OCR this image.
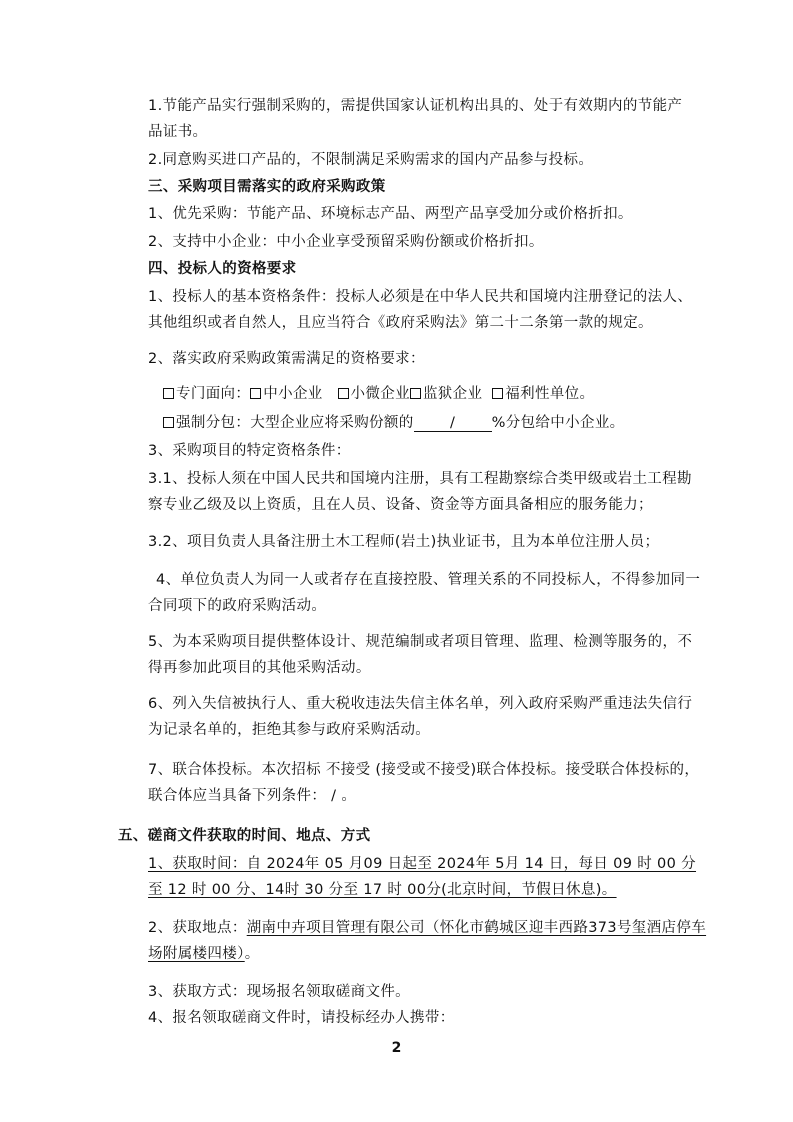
1.节能产品实行强制采购的，需提供国家认证机构出具的、处于有效期内的节能产
品证书。
2.同意购买进口产品的，不限制满足采购需求的国内产品参与投标。
三、采购项目需落实的政府采购政策
1、优先采购：节能产品、环境标志产品、两型产品享受加分或价格折扣。
2、支持中小企业：中小企业享受预留采购份额或价格折扣。
四、投标人的资格要求
1、投标人的基本资格条件：投标人必须是在中华人民共和国境内注册登记的法人、
其他组织或者自然人，且应当符合《政府采购法》第二十二条第一款的规定。
2、落实政府采购政策需满足的资格要求：
专门面向： 中小企业 小微企业 监狱企业 福利性单位。
强制分包：大型企业应将采购份额的	/	%分包给中小企业。
3、采购项目的特定资格条件：
3.1、投标人须在中国人民共和国境内注册，具有工程勘察综合类甲级或岩土工程勘
察专业乙级及以上资质，且在人员、设备、资金等方面具备相应的服务能力；
3.2、项目负责人具备注册土木工程师(岩土)执业证书，且为本单位注册人员；
4、单位负责人为同一人或者存在直接控股、管理关系的不同投标人，不得参加同一
合同项下的政府采购活动。
5、为本采购项目提供整体设计、规范编制或者项目管理、监理、检测等服务的，不
得再参加此项目的其他采购活动。
6、列入失信被执行人、重大税收违法失信主体名单，列入政府采购严重违法失信行
为记录名单的，拒绝其参与政府采购活动。
7、联合体投标。本次招标 不接受 (接受或不接受)联合体投标。接受联合体投标的，
联合体应当具备下列条件： / 。
五、磋商文件获取的时间、地点、方式
1、获取时间：自 2024年 05 月09 日起至 2024年 5月 14 日，每日 09 时 00 分
至 12 时 00 分、14时 30 分至 17 时 00分(北京时间，节假日休息)。
2、获取地点：湖南中卉项目管理有限公司（怀化市鹤城区迎丰西路373号玺酒店停车
场附属楼四楼）。
3、获取方式：现场报名领取磋商文件。
4、报名领取磋商文件时，请投标经办人携带：
2
